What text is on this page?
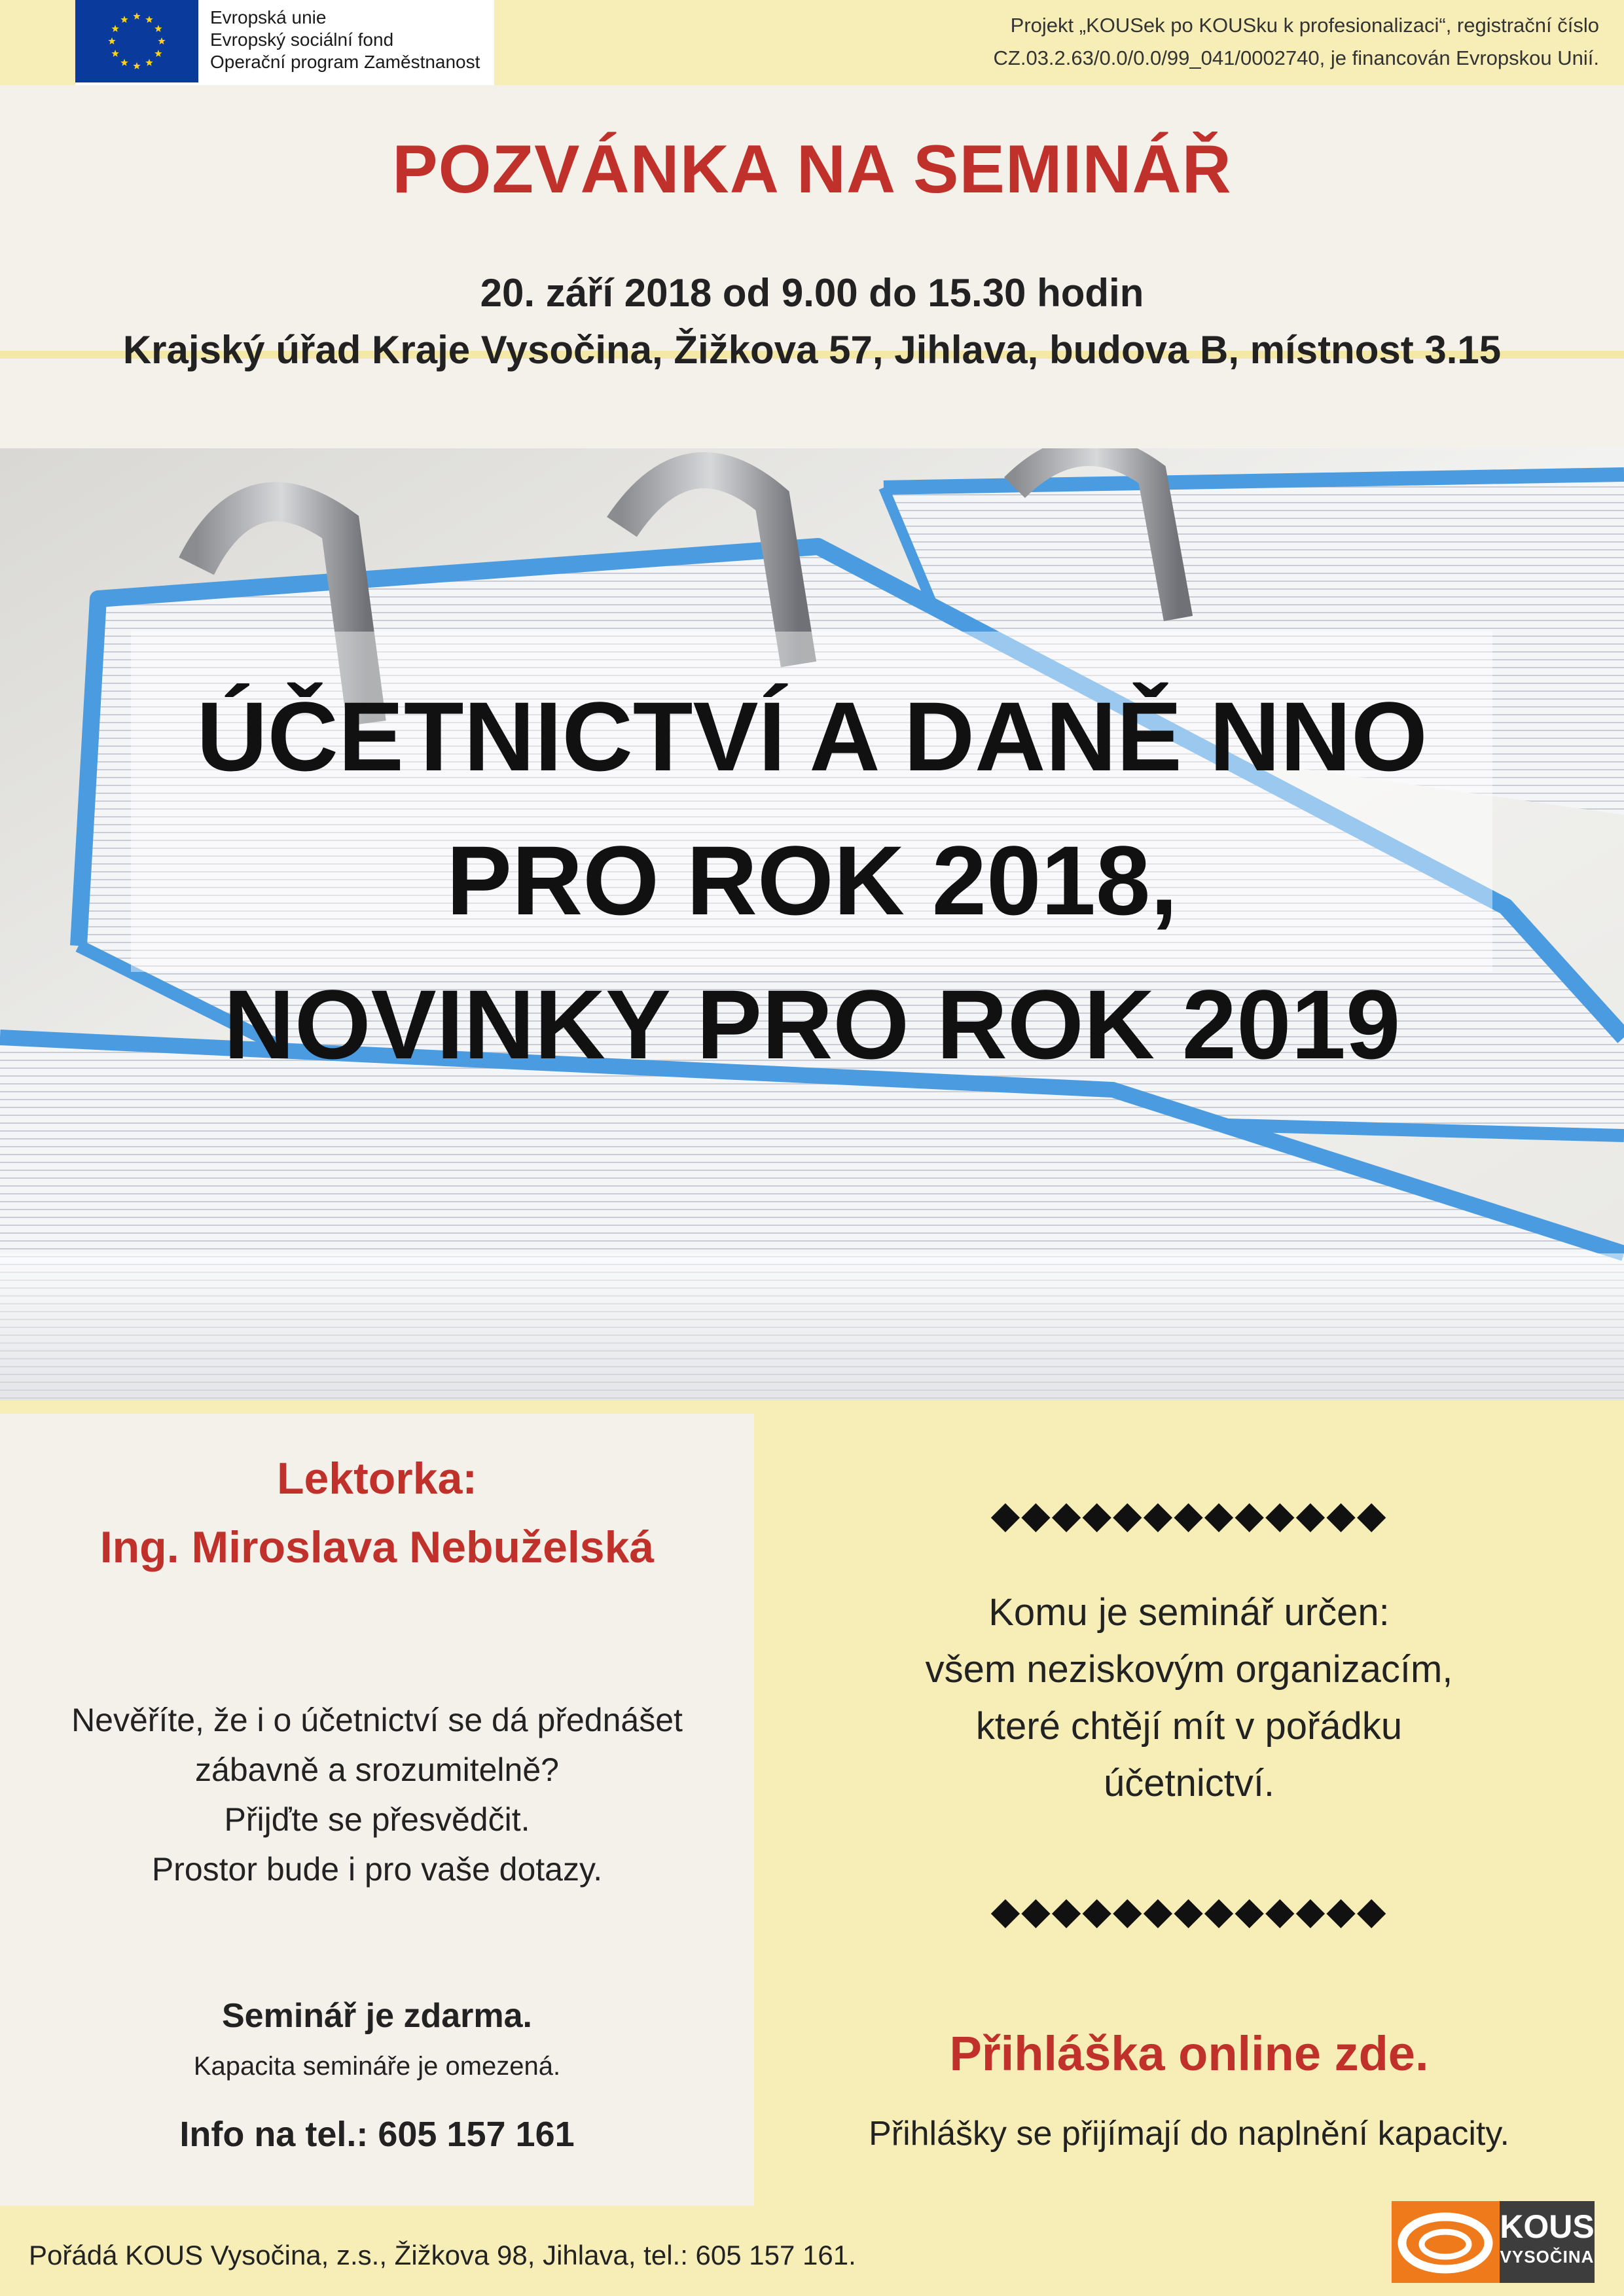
Evropská unie
Evropský sociální fond
Operační program Zaměstnanost
Projekt „KOUSek po KOUSku k profesionalizaci“, registrační číslo CZ.03.2.63/0.0/0.0/99_041/0002740, je financován Evropskou Unií.
POZVÁNKA NA SEMINÁŘ
20. září 2018 od 9.00 do 15.30 hodin
Krajský úřad Kraje Vysočina, Žižkova 57, Jihlava, budova B, místnost 3.15
ÚČETNICTVÍ A DANĚ NNO
PRO ROK 2018,
NOVINKY PRO ROK 2019
Lektorka:
Ing. Miroslava Nebuželská
Nevěříte, že i o účetnictví se dá přednášet
zábavně a srozumitelně?
Přijďte se přesvědčit.
Prostor bude i pro vaše dotazy.
Seminář je zdarma.
Kapacita semináře je omezená.
Info na tel.: 605 157 161
◆◆◆◆◆◆◆◆◆◆◆◆◆
Komu je seminář určen:
všem neziskovým organizacím,
které chtějí mít v pořádku
účetnictví.
◆◆◆◆◆◆◆◆◆◆◆◆◆
Přihláška online zde.
Přihlášky se přijímají do naplnění kapacity.
Pořádá KOUS Vysočina, z.s., Žižkova 98, Jihlava, tel.: 605 157 161.
KOUS
VYSOČINA
